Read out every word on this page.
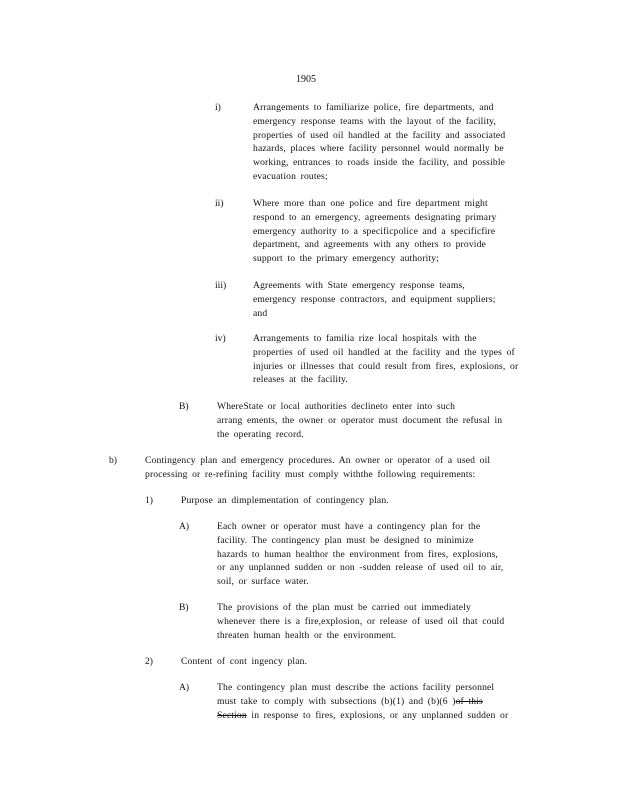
1905
i)	Arrangements to familiarize police, fire departments, and
emergency response teams with the layout of the facility,
properties of used oil handled at the facility and associated
hazards, places where facility personnel would normally be
working, entrances to roads inside the facility, and possible
evacuation routes;
ii)	Where more than one police and fire department might
respond to an emergency, agreements designating primary
emergency authority to a specificpolice and a specificfire
department, and agreements with any others to provide
support to the primary emergency authority;
iii)	Agreements with State emergency response teams,
emergency response contractors, and equipment suppliers;
and
iv)	Arrangements to familia rize local hospitals with the
properties of used oil handled at the facility and the types of
injuries or illnesses that could result from fires, explosions, or
releases at the facility.
B)	WhereState or local authorities declineto enter into such
arrang ements, the owner or operator must document the refusal in
the operating record.
b)	Contingency plan and emergency procedures. An owner or operator of a used oil
processing or re-refining facility must comply withthe following requirements:
1)	Purpose an dimplementation of contingency plan.
A)	Each owner or operator must have a contingency plan for the
facility. The contingency plan must be designed to minimize
hazards to human healthor the environment from fires, explosions,
or any unplanned sudden or non -sudden release of used oil to air,
soil, or surface water.
B)	The provisions of the plan must be carried out immediately
whenever there is a fire,explosion, or release of used oil that could
threaten human health or the environment.
2)	Content of cont ingency plan.
A)	The contingency plan must describe the actions facility personnel
must take to comply with subsections (b)(1) and (b)(6 )of this
Section in response to fires, explosions, or any unplanned sudden or
